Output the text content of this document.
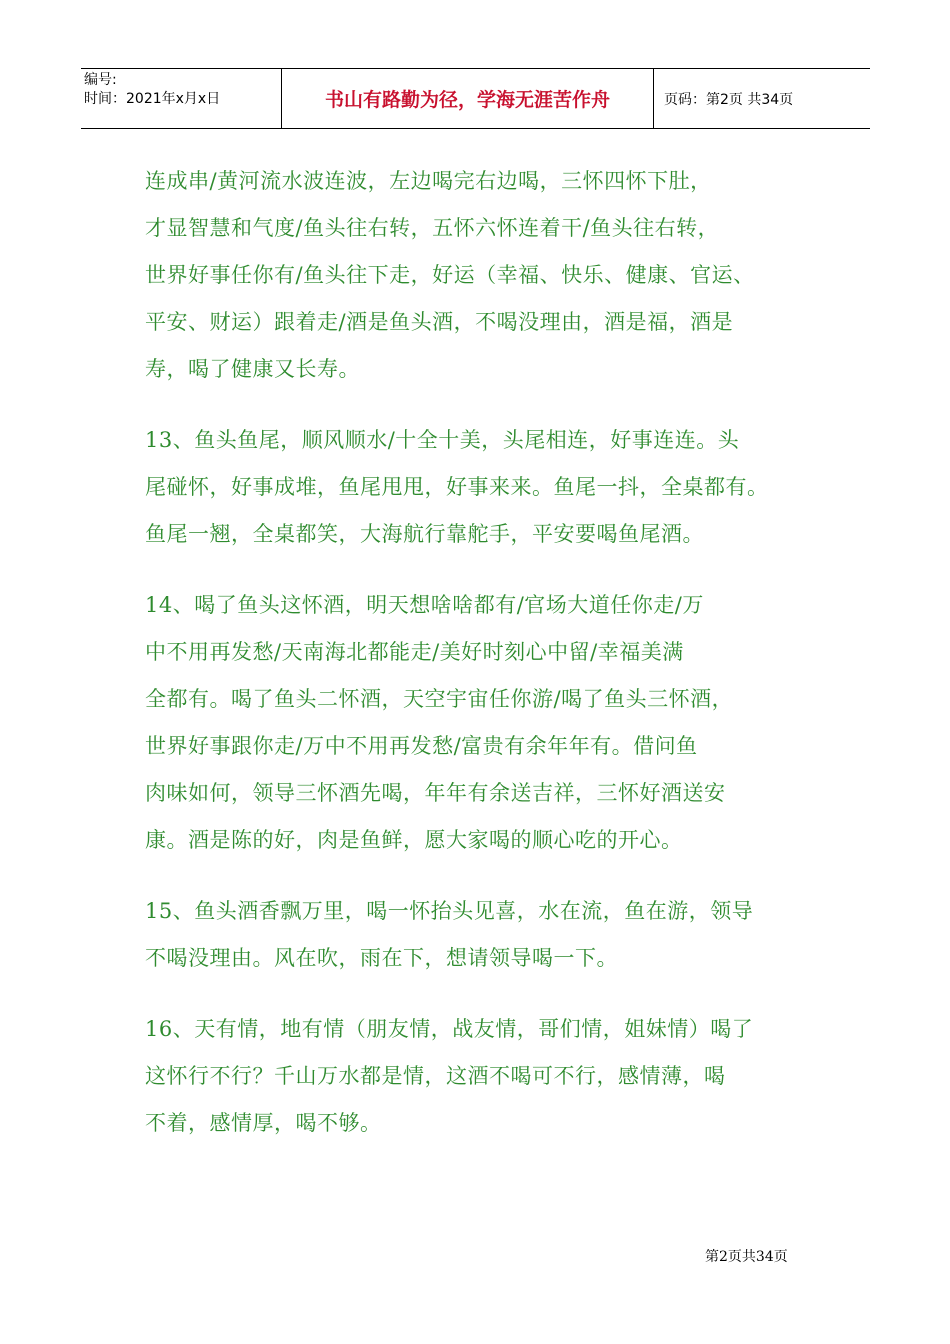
编号:
时间：2021年x月x日	书山有路勤为径，学海无涯苦作舟	页码：第2页 共34页
连成串/黄河流水波连波，左边喝完右边喝，三怀四怀下肚，
才显智慧和气度/鱼头往右转，五怀六怀连着干/鱼头往右转，
世界好事任你有/鱼头往下走，好运（幸福、快乐、健康、官运、
平安、财运）跟着走/酒是鱼头酒，不喝没理由，酒是福，酒是
寿，喝了健康又长寿。
13、鱼头鱼尾，顺风顺水/十全十美，头尾相连，好事连连。头
尾碰怀，好事成堆，鱼尾甩甩，好事来来。鱼尾一抖，全桌都有。
鱼尾一翘，全桌都笑，大海航行靠舵手，平安要喝鱼尾酒。
14、喝了鱼头这怀酒，明天想啥啥都有/官场大道任你走/万
中不用再发愁/天南海北都能走/美好时刻心中留/幸福美满
全都有。喝了鱼头二怀酒，天空宇宙任你游/喝了鱼头三怀酒，
世界好事跟你走/万中不用再发愁/富贵有余年年有。借问鱼
肉味如何，领导三怀酒先喝，年年有余送吉祥，三怀好酒送安
康。酒是陈的好，肉是鱼鲜，愿大家喝的顺心吃的开心。
15、鱼头酒香飘万里，喝一怀抬头见喜，水在流，鱼在游，领导
不喝没理由。风在吹，雨在下，想请领导喝一下。
16、天有情，地有情（朋友情，战友情，哥们情，姐妹情）喝了
这怀行不行？千山万水都是情，这酒不喝可不行，感情薄，喝
不着，感情厚，喝不够。
第2页共34页
